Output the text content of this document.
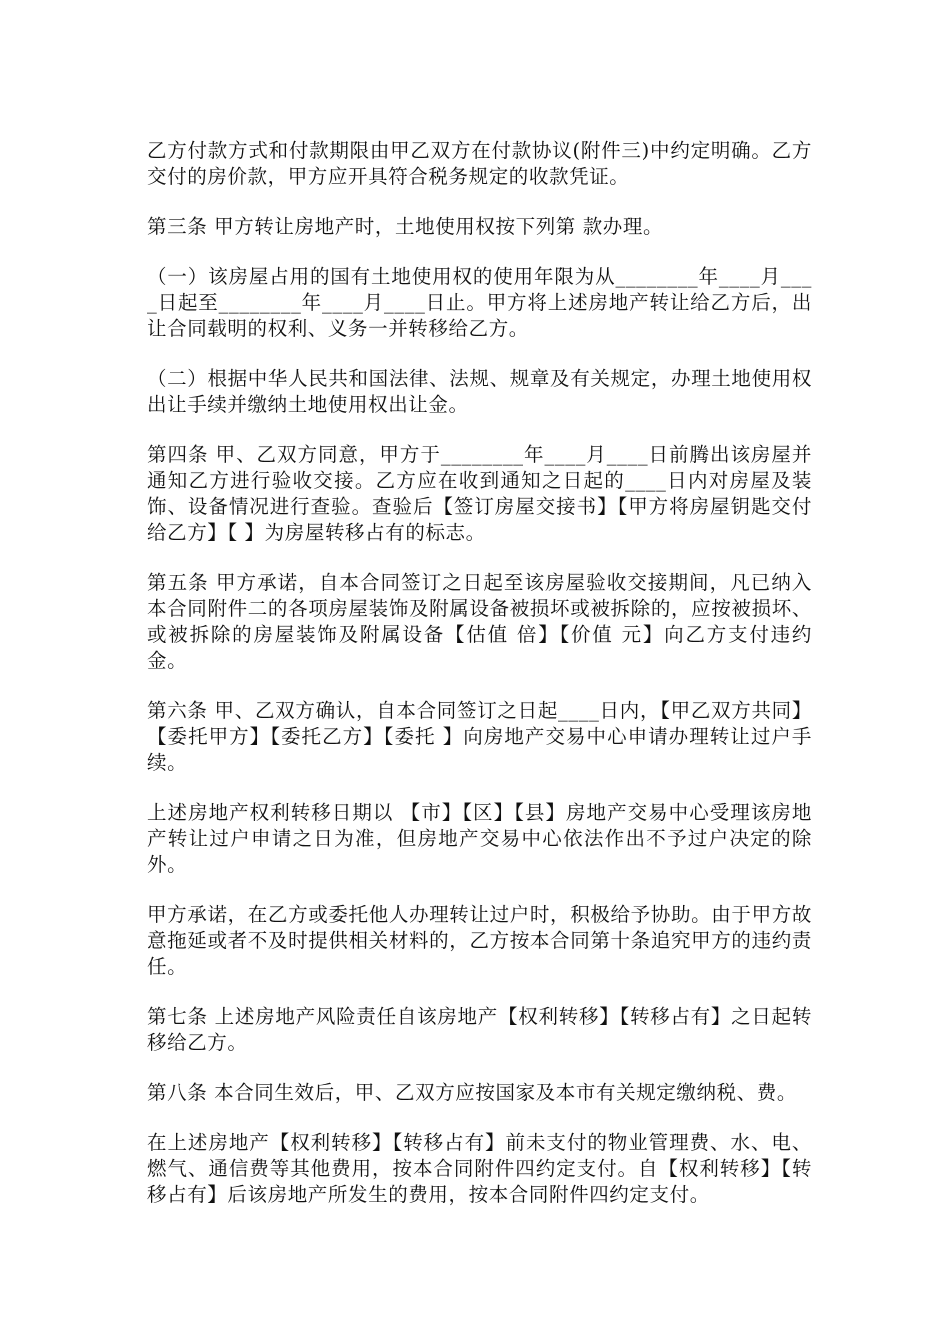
乙方付款方式和付款期限由甲乙双方在付款协议(附件三)中约定明确。乙方交付的房价款，甲方应开具符合税务规定的收款凭证。

第三条 甲方转让房地产时，土地使用权按下列第 款办理。

（一）该房屋占用的国有土地使用权的使用年限为从________年____月____日起至________年____月____日止。甲方将上述房地产转让给乙方后，出让合同载明的权利、义务一并转移给乙方。

（二）根据中华人民共和国法律、法规、规章及有关规定，办理土地使用权出让手续并缴纳土地使用权出让金。

第四条 甲、乙双方同意，甲方于________年____月____日前腾出该房屋并通知乙方进行验收交接。乙方应在收到通知之日起的____日内对房屋及装饰、设备情况进行查验。查验后【签订房屋交接书】【甲方将房屋钥匙交付给乙方】【 】为房屋转移占有的标志。

第五条 甲方承诺，自本合同签订之日起至该房屋验收交接期间，凡已纳入本合同附件二的各项房屋装饰及附属设备被损坏或被拆除的，应按被损坏、或被拆除的房屋装饰及附属设备【估值 倍】【价值 元】向乙方支付违约金。

第六条 甲、乙双方确认，自本合同签订之日起____日内，【甲乙双方共同】【委托甲方】【委托乙方】【委托 】向房地产交易中心申请办理转让过户手续。

上述房地产权利转移日期以 【市】【区】【县】房地产交易中心受理该房地产转让过户申请之日为准，但房地产交易中心依法作出不予过户决定的除外。

甲方承诺，在乙方或委托他人办理转让过户时，积极给予协助。由于甲方故意拖延或者不及时提供相关材料的，乙方按本合同第十条追究甲方的违约责任。

第七条 上述房地产风险责任自该房地产【权利转移】【转移占有】之日起转移给乙方。

第八条 本合同生效后，甲、乙双方应按国家及本市有关规定缴纳税、费。

在上述房地产【权利转移】【转移占有】前未支付的物业管理费、水、电、燃气、通信费等其他费用，按本合同附件四约定支付。自【权利转移】【转移占有】后该房地产所发生的费用，按本合同附件四约定支付。
